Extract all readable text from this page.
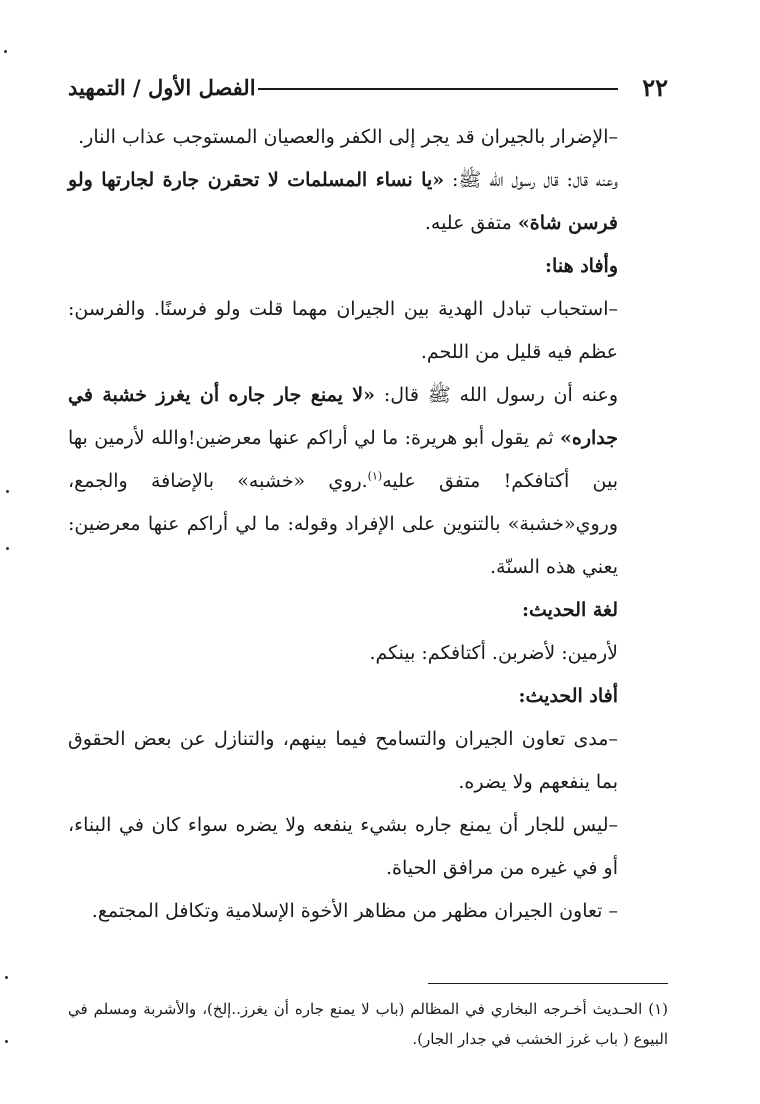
٢٢
الفصل الأول / التمهيد

–الإضرار بالجيران قد يجر إلى الكفر والعصيان المستوجب عذاب النار.

وعنه قال: قال رسول الله ﷺ: «يا نساء المسلمات لا تحقرن جارة لجارتها ولو فرسن شاة» متفق عليه.

وأفاد هنا:

–استحباب تبادل الهدية بين الجيران مهما قلت ولو فرسنًا. والفرسن: عظم فيه قليل من اللحم.

وعنه أن رسول الله ﷺ قال: «لا يمنع جار جاره أن يغرز خشبة في جداره» ثم يقول أبو هريرة: ما لي أراكم عنها معرضين!والله لأرمين بها بين أكتافكم! متفق عليه$^{(١)}$.روي «خشبه» بالإضافة والجمع، وروي«خشبة» بالتنوين على الإفراد وقوله: ما لي أراكم عنها معرضين: يعني هذه السنّة.

لغة الحديث:

لأرمين: لأضربن. أكتافكم: بينكم.

أفاد الحديث:

–مدى تعاون الجيران والتسامح فيما بينهم، والتنازل عن بعض الحقوق بما ينفعهم ولا يضره.

–ليس للجار أن يمنع جاره بشيء ينفعه ولا يضره سواء كان في البناء، أو في غيره من مرافق الحياة.

– تعاون الجيران مظهر من مظاهر الأخوة الإسلامية وتكافل المجتمع.

(١) الحـديث أخـرجه البخاري في المظالم (باب لا يمنع جاره أن يغرز..إلخ)، والأشربة ومسلم في البيوع ( باب غرز الخشب في جدار الجار).
